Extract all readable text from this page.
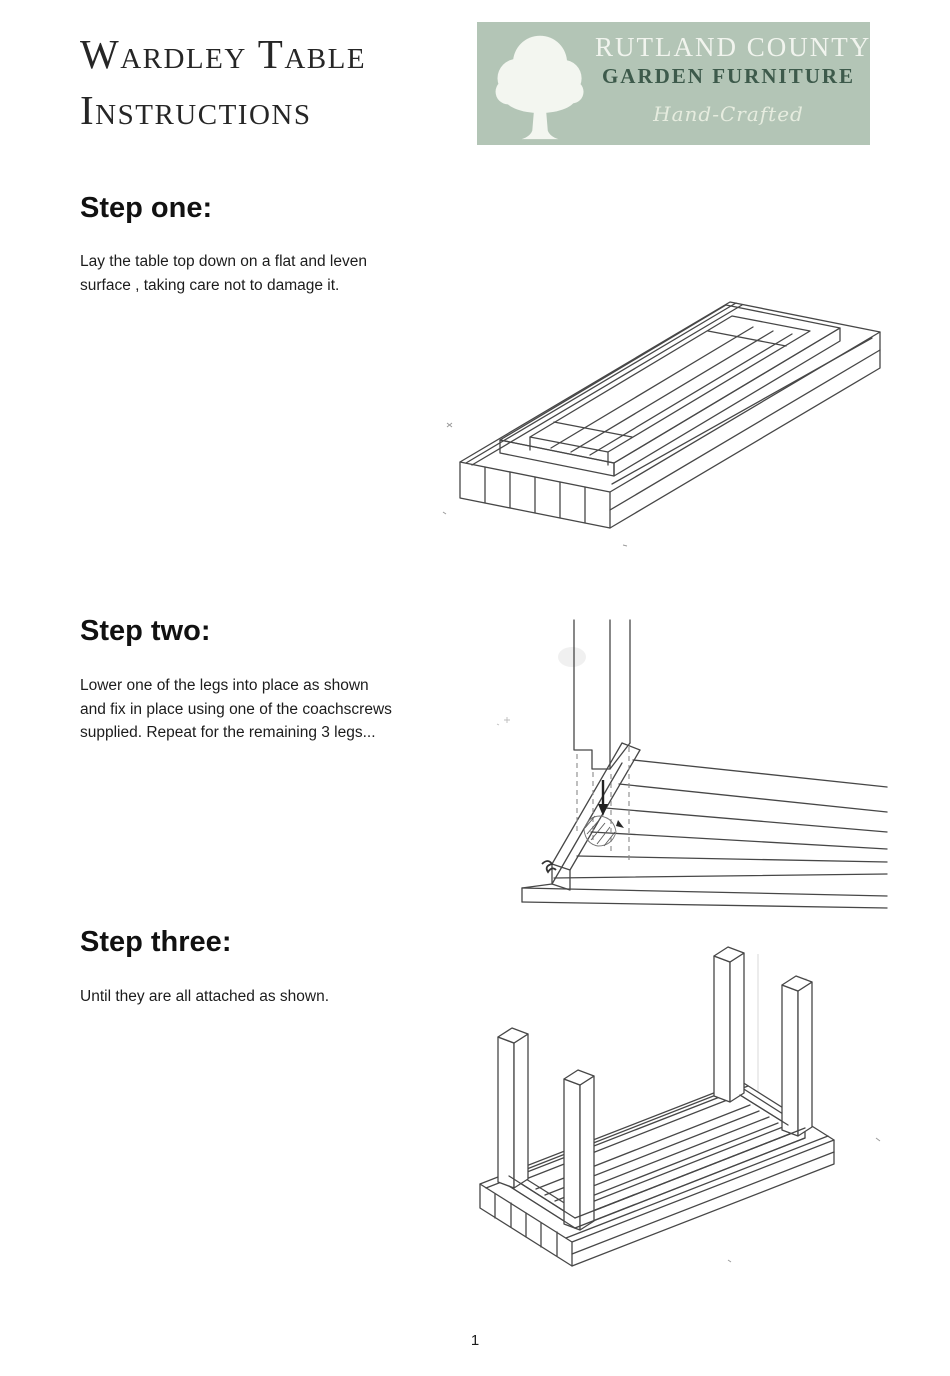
Wardley Table
Instructions
RUTLAND COUNTY
GARDEN FURNITURE
Hand-Crafted
Step one:

Lay the table top down on a flat and leven surface , taking care not to damage it.

Step two:

Lower one of the legs into place as shown and fix in place using one of the coachscrews supplied. Repeat for the remaining 3 legs...

Step three:

Until they are all attached as shown.

1
